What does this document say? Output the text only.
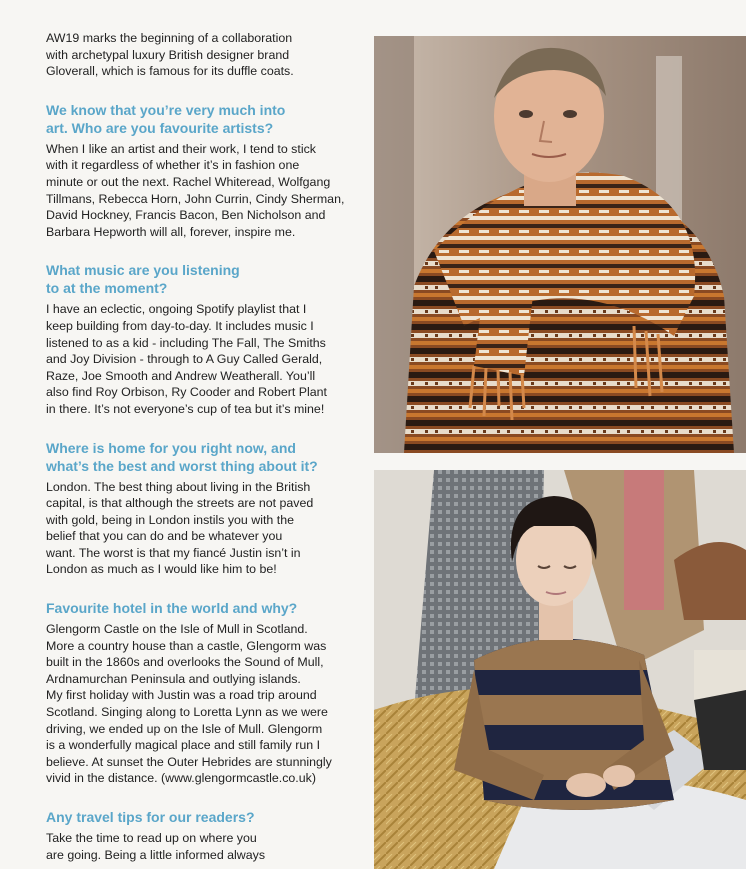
AW19 marks the beginning of a collaboration
with archetypal luxury British designer brand
Gloverall, which is famous for its duffle coats.

We know that you’re very much into
art. Who are you favourite artists?

When I like an artist and their work, I tend to stick
with it regardless of whether it’s in fashion one
minute or out the next. Rachel Whiteread, Wolfgang
Tillmans, Rebecca Horn, John Currin, Cindy Sherman,
David Hockney, Francis Bacon, Ben Nicholson and
Barbara Hepworth will all, forever, inspire me.

What music are you listening
to at the moment?

I have an eclectic, ongoing Spotify playlist that I
keep building from day-to-day. It includes music I
listened to as a kid - including The Fall, The Smiths
and Joy Division - through to A Guy Called Gerald,
Raze, Joe Smooth and Andrew Weatherall. You’ll
also find Roy Orbison, Ry Cooder and Robert Plant
in there. It’s not everyone’s cup of tea but it’s mine!

Where is home for you right now, and
what’s the best and worst thing about it?

London. The best thing about living in the British
capital, is that although the streets are not paved
with gold, being in London instils you with the
belief that you can do and be whatever you
want. The worst is that my fiancé Justin isn’t in
London as much as I would like him to be!

Favourite hotel in the world and why?

Glengorm Castle on the Isle of Mull in Scotland.
More a country house than a castle, Glengorm was
built in the 1860s and overlooks the Sound of Mull,
Ardnamurchan Peninsula and outlying islands.
My first holiday with Justin was a road trip around
Scotland. Singing along to Loretta Lynn as we were
driving, we ended up on the Isle of Mull. Glengorm
is a wonderfully magical place and still family run I
believe. At sunset the Outer Hebrides are stunningly
vivid in the distance. (www.glengormcastle.co.uk)

Any travel tips for our readers?

Take the time to read up on where you
are going. Being a little informed always
